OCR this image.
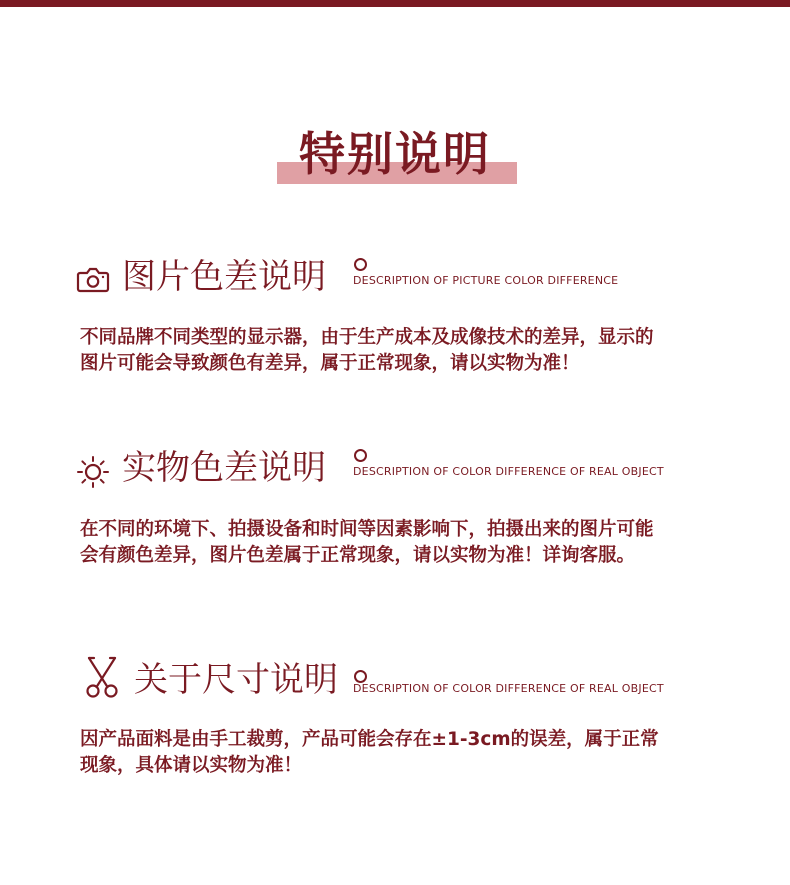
特别说明
图片色差说明 DESCRIPTION OF PICTURE COLOR DIFFERENCE

不同品牌不同类型的显示器，由于生产成本及成像技术的差异，显示的

图片可能会导致颜色有差异，属于正常现象，请以实物为准！

实物色差说明 DESCRIPTION OF COLOR DIFFERENCE OF REAL OBJECT

在不同的环境下、拍摄设备和时间等因素影响下，拍摄出来的图片可能

会有颜色差异，图片色差属于正常现象，请以实物为准！详询客服。

关于尺寸说明 DESCRIPTION OF COLOR DIFFERENCE OF REAL OBJECT

因产品面料是由手工裁剪，产品可能会存在±1-3cm的误差，属于正常

现象，具体请以实物为准！
